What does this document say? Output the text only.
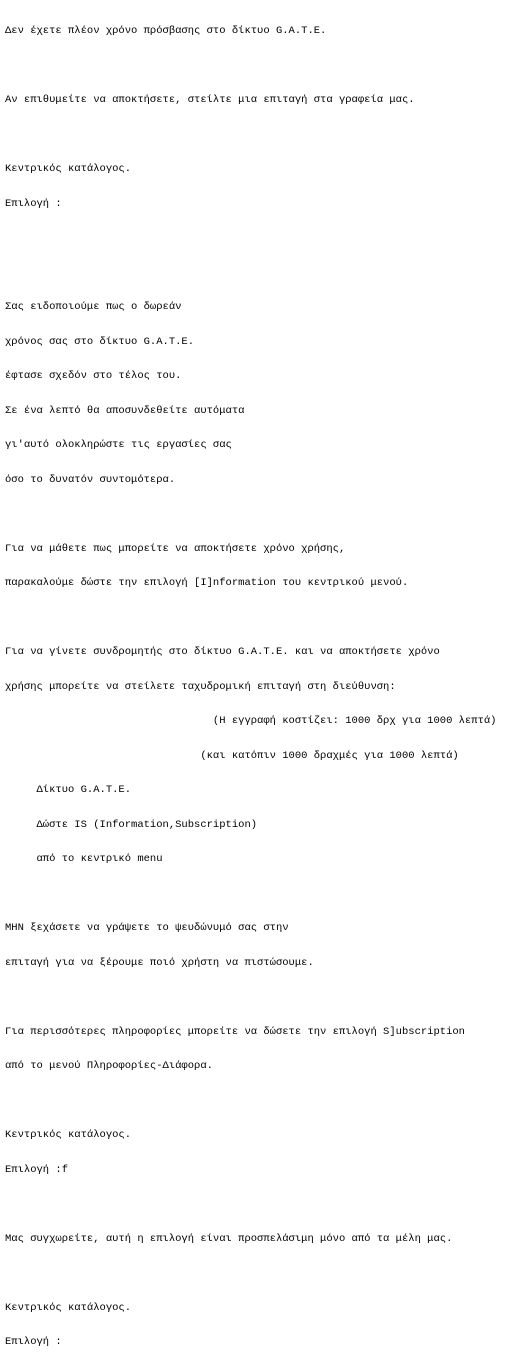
Δεν έχετε πλέον χρόνο πρόσβασης στο δίκτυο G.A.T.E.

Αν επιθυμείτε να αποκτήσετε, στείλτε μια επιταγή στα γραφεία μας.

Κεντρικός κατάλογος.

Επιλογή :

Σας ειδοποιούμε πως ο δωρεάν

χρόνος σας στο δίκτυο G.A.T.E.

έφτασε σχεδόν στο τέλος του.

Σε ένα λεπτό θα αποσυνδεθείτε αυτόματα

γι'αυτό ολοκληρώστε τις εργασίες σας

όσο το δυνατόν συντομότερα.

Για να μάθετε πως μπορείτε να αποκτήσετε χρόνο χρήσης,

παρακαλούμε δώστε την επιλογή [I]nformation του κεντρικού μενού.

Για να γίνετε συνδρομητής στο δίκτυο G.A.T.E. και να αποκτήσετε χρόνο

χρήσης μπορείτε να στείλετε ταχυδρομική επιταγή στη διεύθυνση:

(Η εγγραφή κοστίζει: 1000 δρχ για 1000 λεπτά)

(και κατόπιν 1000 δραχμές για 1000 λεπτά)

Δίκτυο G.A.T.E.

Δώστε IS (Information,Subscription)

από το κεντρικό menu

ΜΗΝ ξεχάσετε να γράψετε το ψευδώνυμό σας στην

επιταγή για να ξέρουμε ποιό χρήστη να πιστώσουμε.

Για περισσότερες πληροφορίες μπορείτε να δώσετε την επιλογή S]ubscription

από το μενού Πληροφορίες-Διάφορα.

Κεντρικός κατάλογος.

Επιλογή :f

Μας συγχωρείτε, αυτή η επιλογή είναι προσπελάσιμη μόνο από τα μέλη μας.

Κεντρικός κατάλογος.

Επιλογή :
